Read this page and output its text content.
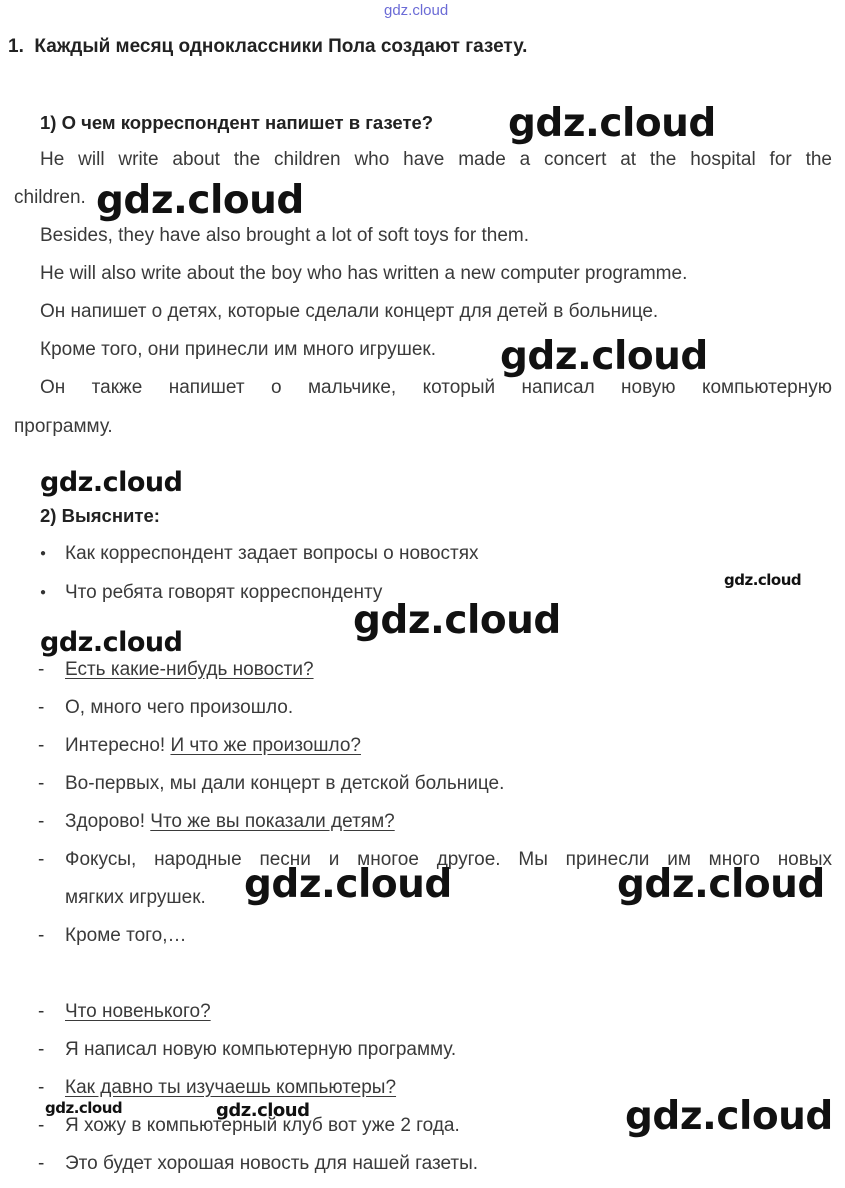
gdz.cloud
1. Каждый месяц одноклассники Пола создают газету.
1) О чем корреспондент напишет в газете?
He will write about the children who have made a concert at the hospital for the
children.
Besides, they have also brought a lot of soft toys for them.
He will also write about the boy who has written a new computer programme.
Он напишет о детях, которые сделали концерт для детей в больнице.
Кроме того, они принесли им много игрушек.
Он также напишет о мальчике, который написал новую компьютерную
программу.
2) Выясните:
● Как корреспондент задает вопросы о новостях
● Что ребята говорят корреспонденту
- Есть какие-нибудь новости?
- О, много чего произошло.
- Интересно! И что же произошло?
- Во-первых, мы дали концерт в детской больнице.
- Здорово! Что же вы показали детям?
- Фокусы, народные песни и многое другое. Мы принесли им много новых
мягких игрушек.
- Кроме того,…
- Что новенького?
- Я написал новую компьютерную программу.
- Как давно ты изучаешь компьютеры?
- Я хожу в компьютерный клуб вот уже 2 года.
- Это будет хорошая новость для нашей газеты.
gdz.cloud
gdz.cloud
gdz.cloud
gdz.cloud
gdz.cloud
gdz.cloud
gdz.cloud
gdz.cloud	gdz.cloud
gdz.cloud	gdz.cloud	gdz.cloud
